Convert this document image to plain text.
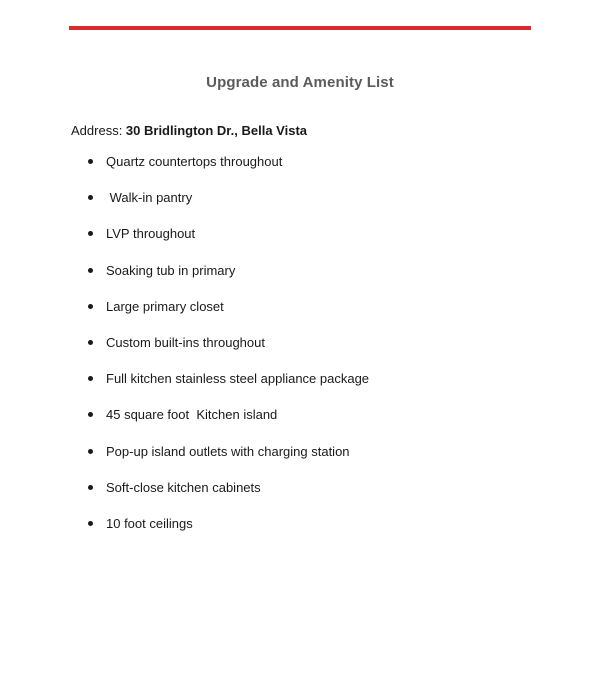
Upgrade and Amenity List
Address: 30 Bridlington Dr., Bella Vista
Quartz countertops throughout
Walk-in pantry
LVP throughout
Soaking tub in primary
Large primary closet
Custom built-ins throughout
Full kitchen stainless steel appliance package
45 square foot  Kitchen island
Pop-up island outlets with charging station
Soft-close kitchen cabinets
10 foot ceilings
